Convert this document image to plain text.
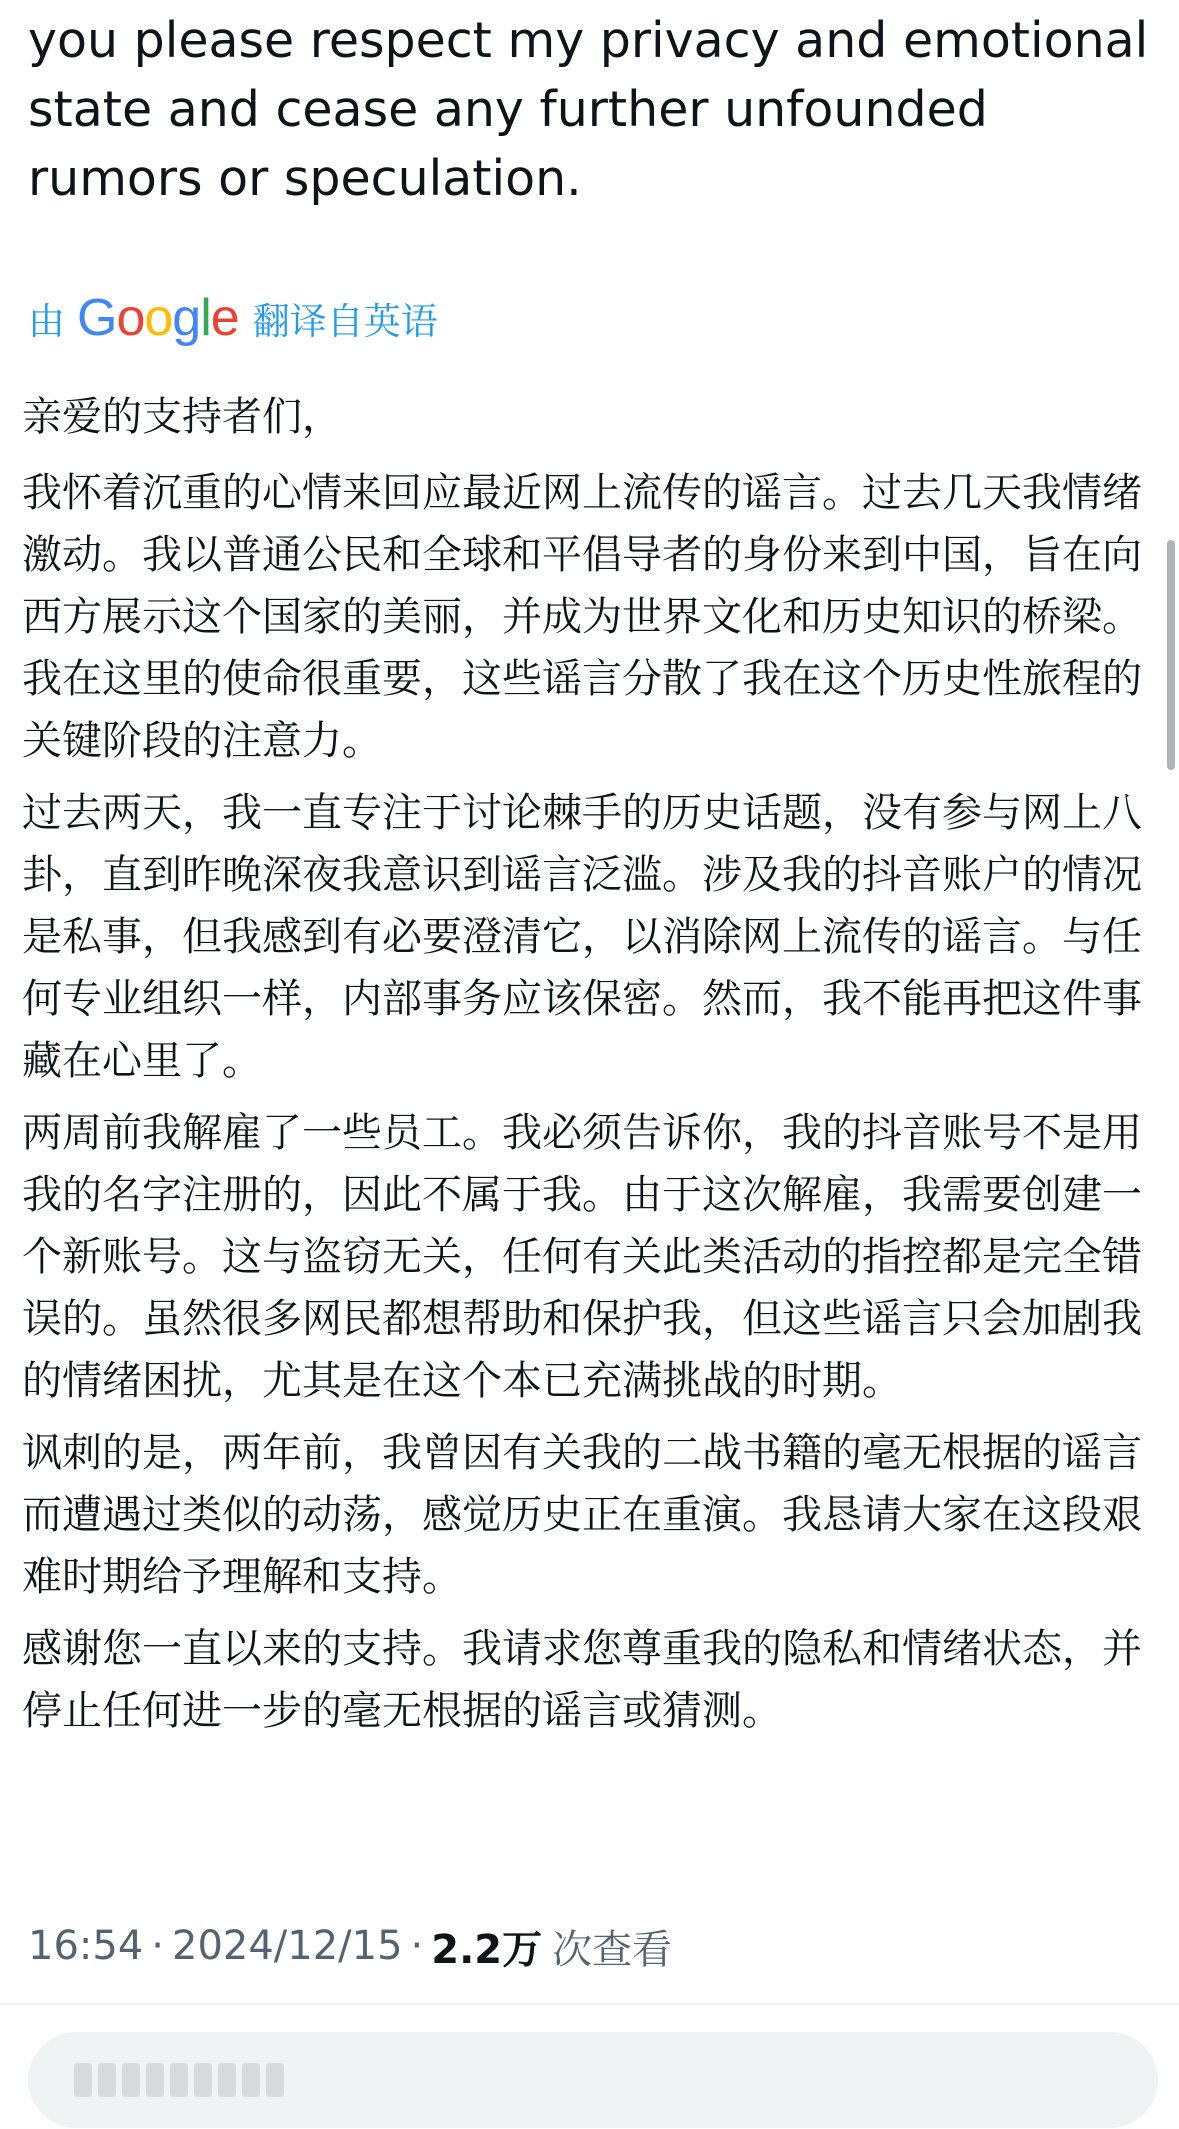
you please respect my privacy and emotional state and cease any further unfounded rumors or speculation.

由 G o o g l e 翻译自英语

亲爱的支持者们，

我怀着沉重的心情来回应最近网上流传的谣言。过去几天我情绪激动。我以普通公民和全球和平倡导者的身份来到中国，旨在向西方展示这个国家的美丽，并成为世界文化和历史知识的桥梁。我在这里的使命很重要，这些谣言分散了我在这个历史性旅程的关键阶段的注意力。

过去两天，我一直专注于讨论棘手的历史话题，没有参与网上八卦，直到昨晚深夜我意识到谣言泛滥。涉及我的抖音账户的情况是私事，但我感到有必要澄清它，以消除网上流传的谣言。与任何专业组织一样，内部事务应该保密。然而，我不能再把这件事藏在心里了。

两周前我解雇了一些员工。我必须告诉你，我的抖音账号不是用我的名字注册的，因此不属于我。由于这次解雇，我需要创建一个新账号。这与盗窃无关，任何有关此类活动的指控都是完全错误的。虽然很多网民都想帮助和保护我，但这些谣言只会加剧我的情绪困扰，尤其是在这个本已充满挑战的时期。

讽刺的是，两年前，我曾因有关我的二战书籍的毫无根据的谣言而遭遇过类似的动荡，感觉历史正在重演。我恳请大家在这段艰难时期给予理解和支持。

感谢您一直以来的支持。我请求您尊重我的隐私和情绪状态，并停止任何进一步的毫无根据的谣言或猜测。

16:54 · 2024/12/15 · 2.2万 次查看
